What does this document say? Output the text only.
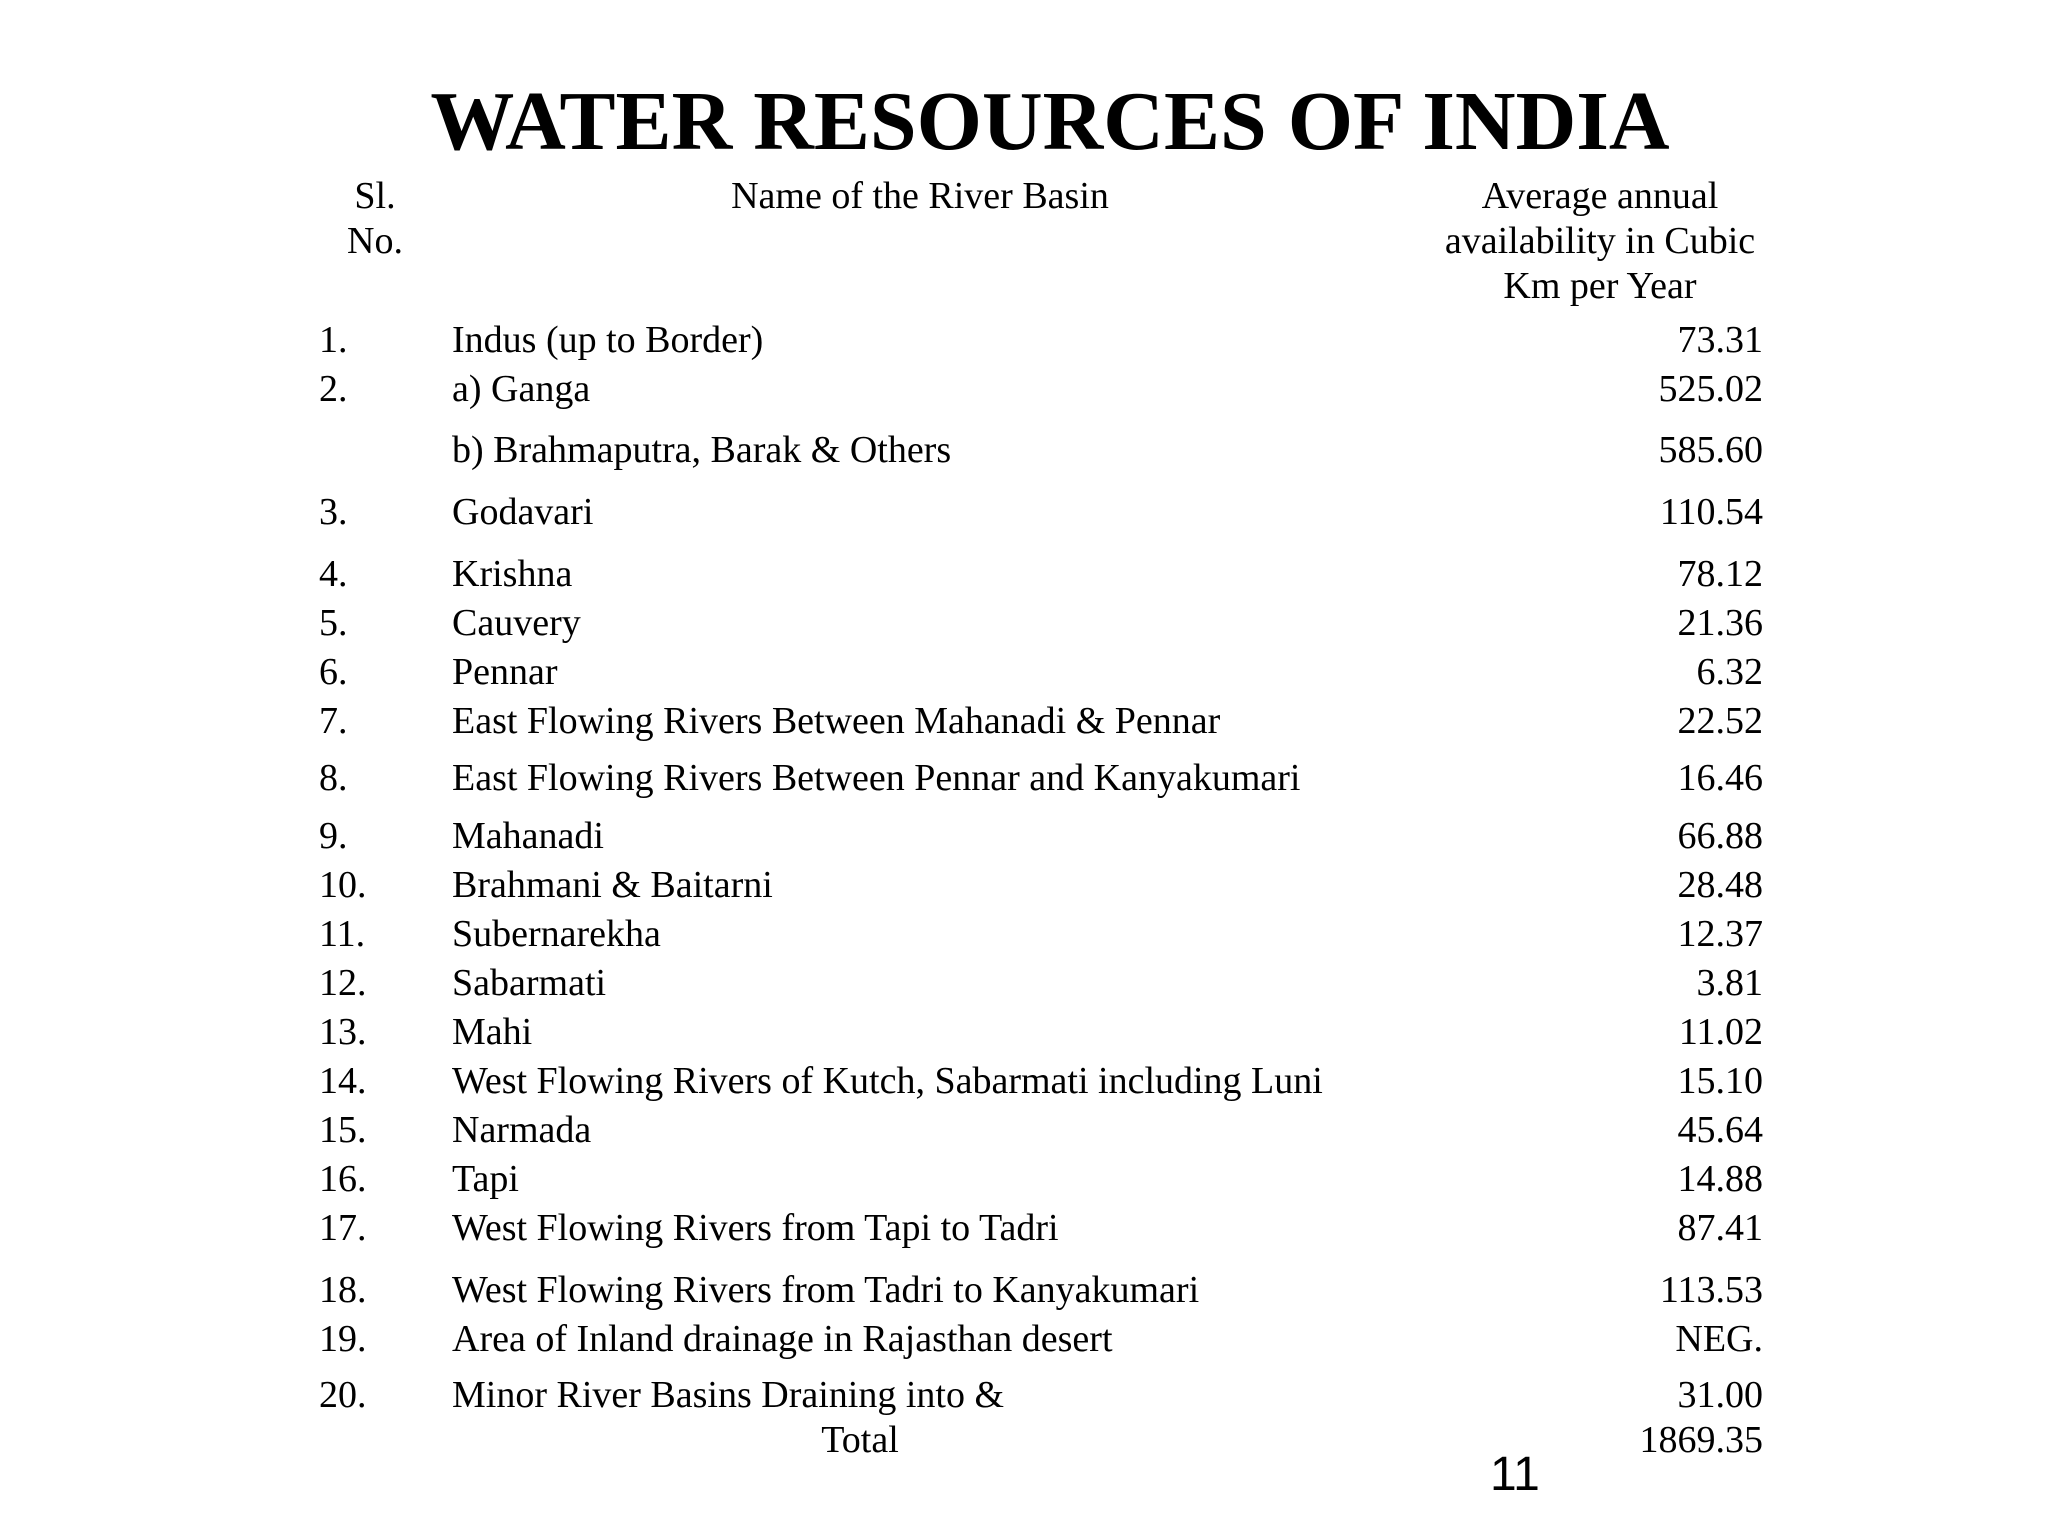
WATER RESOURCES OF INDIA
Sl.
No.
Name of the River Basin	Average annual
availability in Cubic
Km per Year
1.	Indus (up to Border)	73.31
2.	a) Ganga	525.02
b) Brahmaputra, Barak & Others	585.60
3.	Godavari	110.54
4.	Krishna	78.12
5.	Cauvery	21.36
6.	Pennar	6.32
7.	East Flowing Rivers Between Mahanadi & Pennar	22.52
8.	East Flowing Rivers Between Pennar and Kanyakumari	16.46
9.	Mahanadi	66.88
10.	Brahmani & Baitarni	28.48
11.	Subernarekha	12.37
12.	Sabarmati	3.81
13.	Mahi	11.02
14.	West Flowing Rivers of Kutch, Sabarmati including Luni	15.10
15.	Narmada	45.64
16.	Tapi	14.88
17.	West Flowing Rivers from Tapi to Tadri	87.41
18.	West Flowing Rivers from Tadri to Kanyakumari	113.53
19.	Area of Inland drainage in Rajasthan desert	NEG.
20.	Minor River Basins Draining into &	31.00
Total	1869.35
11
